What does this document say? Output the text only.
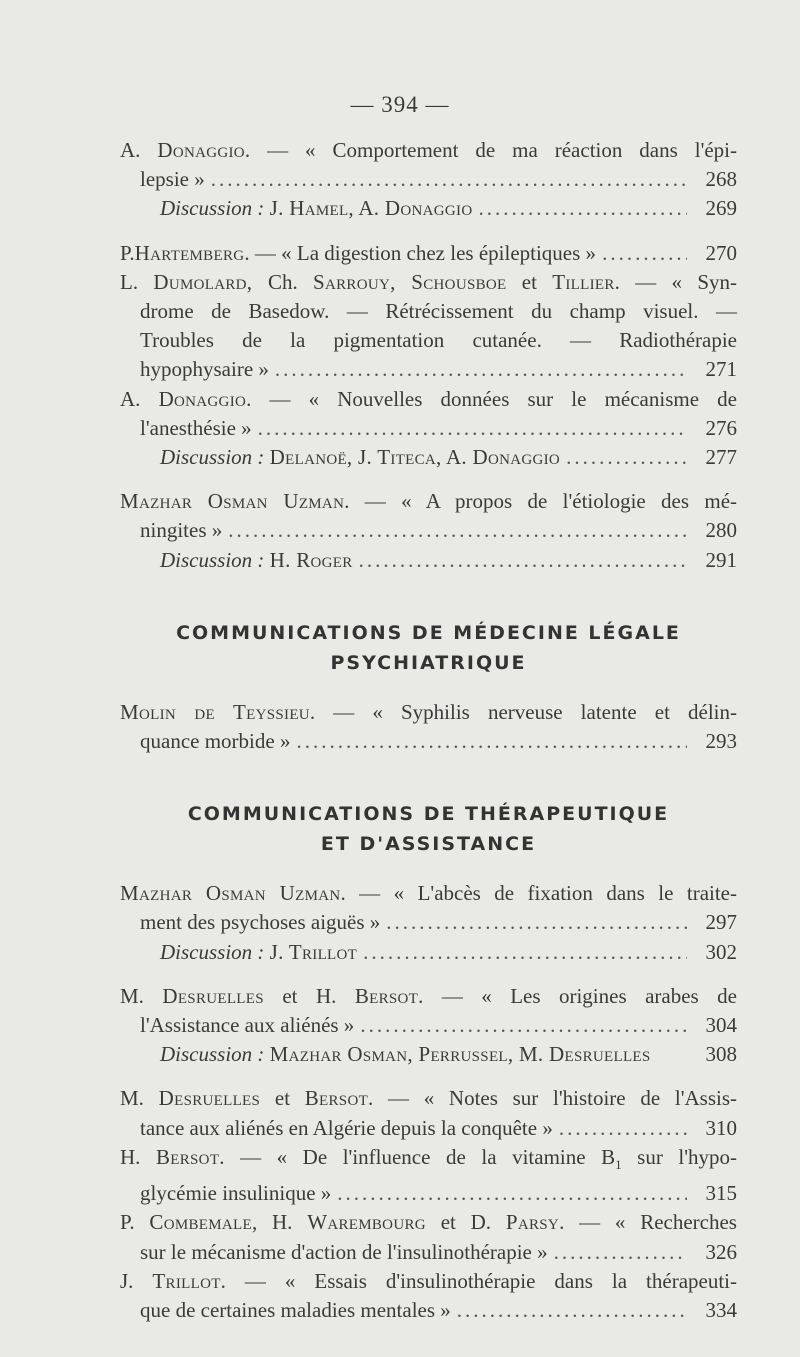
— 394 —
A. Donaggio. — « Comportement de ma réaction dans l'épi-
lepsie » .....	268
Discussion :
J. Hamel, A. Donaggio .....	269
P. Hartemberg . — « La digestion chez les épileptiques » .....	270
L. Dumolard, Ch. Sarrouy, Schousboe et Tillier. — « Syn-
drome de Basedow. — Rétrécissement du champ visuel. —
Troubles de la pigmentation cutanée. — Radiothérapie
hypophysaire » .....	271
A. Donaggio. — « Nouvelles données sur le mécanisme de
l'anesthésie » .....	276
Discussion :
Delanoë, J. Titeca, A. Donaggio .....	277
Mazhar Osman Uzman. — « A propos de l'étiologie des mé-
ningites » .....	280
Discussion :
H. Roger .....	291
COMMUNICATIONS DE MÉDECINE LÉGALE
PSYCHIATRIQUE
Molin de Teyssieu. — « Syphilis nerveuse latente et délin-
quance morbide » .....	293
COMMUNICATIONS DE THÉRAPEUTIQUE
ET D'ASSISTANCE
Mazhar Osman Uzman. — « L'abcès de fixation dans le traite-
ment des psychoses aiguës » .....	297
Discussion :
J. Trillot .....	302
M. Desruelles et H. Bersot. — « Les origines arabes de
l'Assistance aux aliénés » .....	304
Discussion :
Mazhar Osman, Perrussel, M. Desruelles	308
M. Desruelles et Bersot. — « Notes sur l'histoire de l'Assis-
tance aux aliénés en Algérie depuis la conquête » .....	310
H. Bersot. — « De l'influence de la vitamine $B_1$ sur l'hypo-
glycémie insulinique » .....	315
P. Combemale, H. Warembourg et D. Parsy. — « Recherches
sur le mécanisme d'action de l'insulinothérapie » .....	326
J. Trillot. — « Essais d'insulinothérapie dans la thérapeuti-
que de certaines maladies mentales » .....	334
